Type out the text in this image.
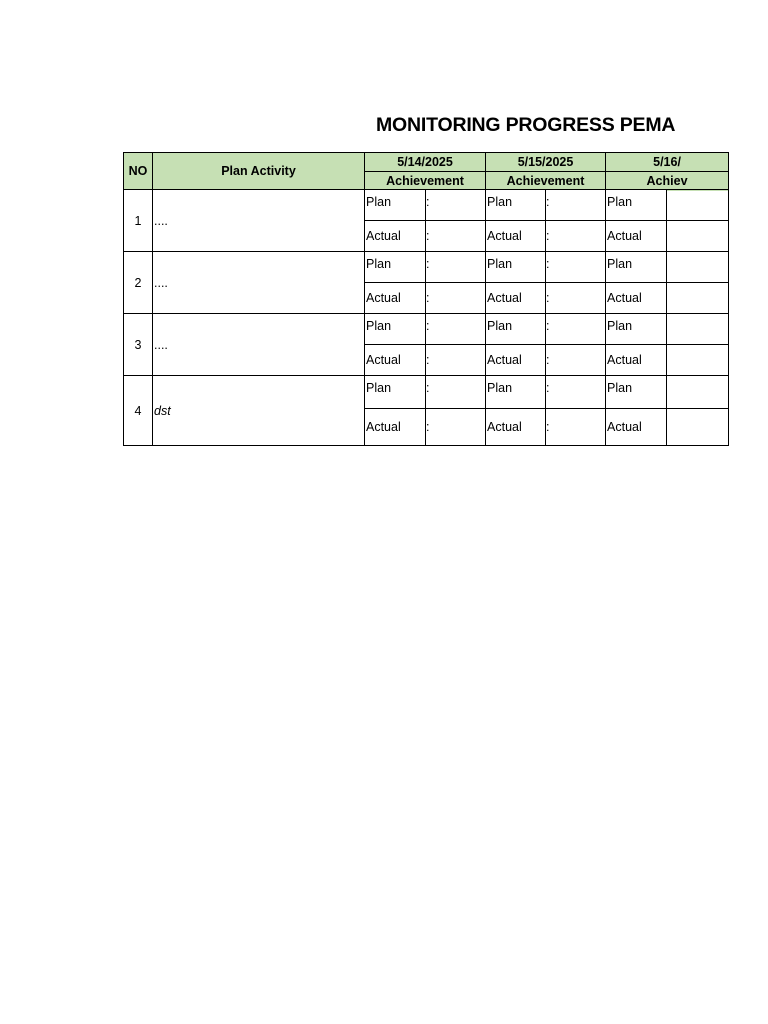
MONITORING PROGRESS PEMA
NO	Plan Activity	5/14/2025		5/15/2025		5/16/	
		Achievement		Achievement		Achiev	
1	....	Plan	:	Plan	:	Plan	
		Actual	:	Actual	:	Actual	
2	....	Plan	:	Plan	:	Plan	
		Actual	:	Actual	:	Actual	
3	....	Plan	:	Plan	:	Plan	
		Actual	:	Actual	:	Actual	
4	dst	Plan	:	Plan	:	Plan	
		Actual	:	Actual	:	Actual	
